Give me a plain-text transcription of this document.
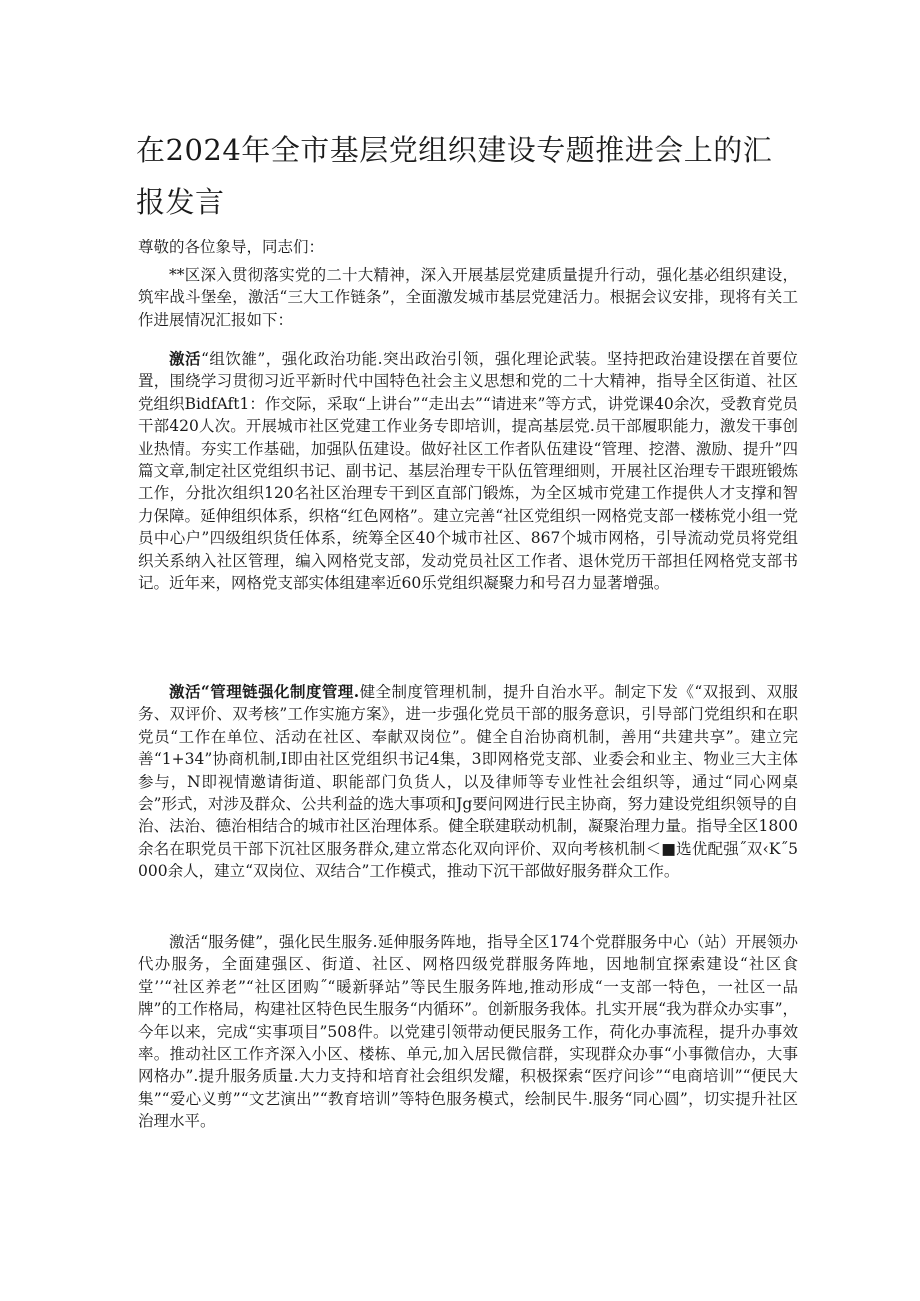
在2024年全市基层党组织建设专题推进会上的汇报发言

尊敬的各位象导，同志们：

**区深入贯彻落实党的二十大精神，深入开展基层党建质量提升行动，强化基必组织建设，筑牢战斗堡垒，激活“三大工作链条”，全面激发城市基层党建活力。根据会议安排，现将有关工作进展情况汇报如下：

激活“组饮雒”，强化政治功能.突出政治引领，强化理论武装。坚持把政治建设摆在首要位置，围绕学习贯彻习近平新时代中国特色社会主义思想和党的二十大精神，指导全区街道、社区党组织BidfAft1：作交际，采取“上讲台”“走出去”“请进来”等方式，讲党课40余次，受教育党员干部420人次。开展城市社区党建工作业务专即培训，提高基层党.员干部履职能力，激发干事创业热情。夯实工作基础，加强队伍建设。做好社区工作者队伍建设“管理、挖潜、激励、提升”四篇文章,制定社区党组织书记、副书记、基层治理专干队伍管理细则，开展社区治理专干跟班锻炼工作，分批次组织120名社区治理专干到区直部门锻炼，为全区城市党建工作提供人才支撑和智力保障。延伸组织体系，织格“红色网格”。建立完善“社区党组织一网格党支部一楼栋党小组一党员中心户”四级组织货任体系，统筹全区40个城市社区、867个城市网格，引导流动党员将党组织关系纳入社区管理，编入网格党支部，发动党员社区工作者、退休党历干部担任网格党支部书记。近年来，网格党支部实体组建率近60乐党组织凝聚力和号召力显著增强。

激活“管理链强化制度管理.健全制度管理机制，提升自治水平。制定下发《“双报到、双服务、双评价、双考核”工作实施方案》，进一步强化党员干部的服务意识，引导部门党组织和在职党员“工作在单位、活动在社区、奉献双岗位”。健全自治协商机制，善用“共建共享”。建立完善“1+34”协商机制,I即由社区党组织书记4集，3即网格党支部、业委会和业主、物业三大主体参与，N即视情邀请街道、职能部门负货人，以及律师等专业性社会组织等，通过“同心网桌会”形式，对涉及群众、公共利益的选大事项和Jg要问网进行民主协商，努力建设党组织领导的自治、法治、德治相结合的城市社区治理体系。健全联建联动机制，凝聚治理力量。指导全区1800余名在职党员干部下沉社区服务群众,建立常态化双向评价、双向考核机制＜■选优配强˝双‹K˝5000余人，建立“双岗位、双结合”工作模式，推动下沉干部做好服务群众工作。

激活“服务健”，强化民生服务.延伸服务阵地，指导全区174个党群服务中心（站）开展领办代办服务，全面建强区、街道、社区、网格四级党群服务阵地，因地制宜探索建设“社区食堂’’“社区养老”“社区团购˝“暖新驿站”等民生服务阵地,推动形成“一支部一特色，一社区一品牌”的工作格局，构建社区特色民生服务“内循环”。创新服务我体。扎实开展“我为群众办实事”，今年以来，完成“实事项目”508件。以党建引领带动便民服务工作，荷化办事流程，提升办事效率。推动社区工作齐深入小区、楼栋、单元,加入居民微信群，实现群众办事“小事微信办，大事网格办”.提升服务质量.大力支持和培育社会组织发耀，积极探索“医疗问诊”“电商培训”“便民大集”“爱心义剪”“文艺演出”“教育培训”等特色服务模式，绘制民牛.服务“同心圆”，切实提升社区治理水平。
